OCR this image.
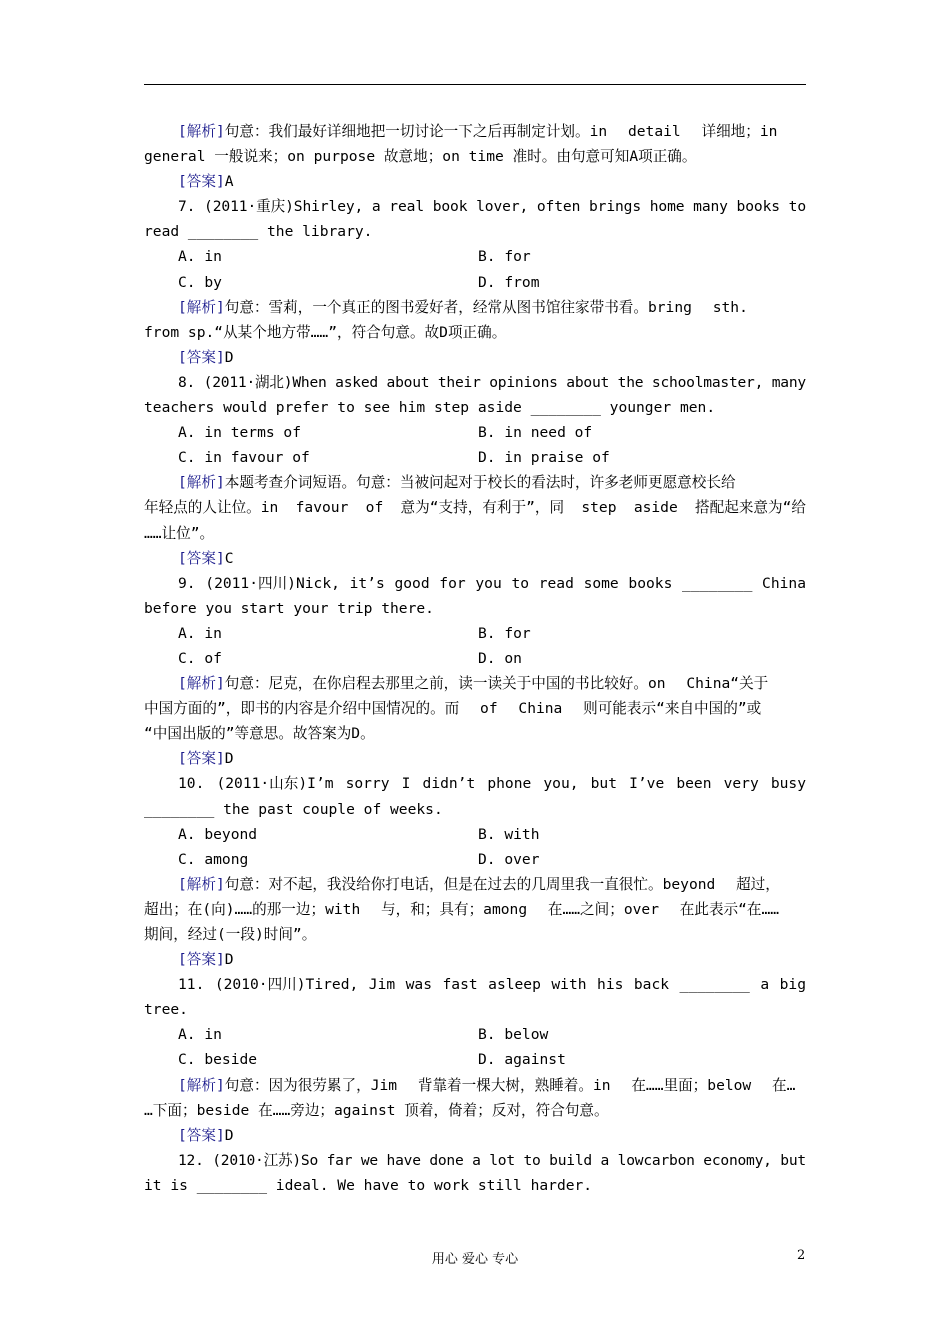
[解析]句意：我们最好详细地把一切讨论一下之后再制定计划。in detail 详细地；in
general 一般说来；on purpose 故意地；on time 准时。由句意可知A项正确。
[答案]A
7. (2011·重庆)Shirley, a real book lover, often brings home many books to
read ________ the library.
A. in	B. for
C. by	D. from
[解析]句意：雪莉，一个真正的图书爱好者，经常从图书馆往家带书看。bring sth.
from sp.“从某个地方带……”，符合句意。故D项正确。
[答案]D
8. (2011·湖北)When asked about their opinions about the schoolmaster, many
teachers would prefer to see him step aside ________ younger men.
A. in terms of	B. in need of
C. in favour of	D. in praise of
[解析]本题考查介词短语。句意：当被问起对于校长的看法时，许多老师更愿意校长给
年轻点的人让位。in favour of 意为“支持，有利于”，同 step aside 搭配起来意为“给
……让位”。
[答案]C
9. (2011·四川)Nick, it’s good for you to read some books ________ China
before you start your trip there.
A. in	B. for
C. of	D. on
[解析]句意：尼克，在你启程去那里之前，读一读关于中国的书比较好。on China“关于
中国方面的”，即书的内容是介绍中国情况的。而 of China 则可能表示“来自中国的”或
“中国出版的”等意思。故答案为D。
[答案]D
10. (2011·山东)I’m sorry I didn’t phone you, but I’ve been very busy
________ the past couple of weeks.
A. beyond	B. with
C. among	D. over
[解析]句意：对不起，我没给你打电话，但是在过去的几周里我一直很忙。beyond 超过，
超出；在(向)……的那一边；with 与，和；具有；among 在……之间；over 在此表示“在……
期间，经过(一段)时间”。
[答案]D
11. (2010·四川)Tired, Jim was fast asleep with his back ________ a big
tree.
A. in	B. below
C. beside	D. against
[解析]句意：因为很劳累了，Jim 背靠着一棵大树，熟睡着。in 在……里面；below 在…
…下面；beside 在……旁边；against 顶着，倚着；反对，符合句意。
[答案]D
12. (2010·江苏)So far we have done a lot to build a lowcarbon economy, but
it is ________ ideal. We have to work still harder.
用心 爱心 专心	2
